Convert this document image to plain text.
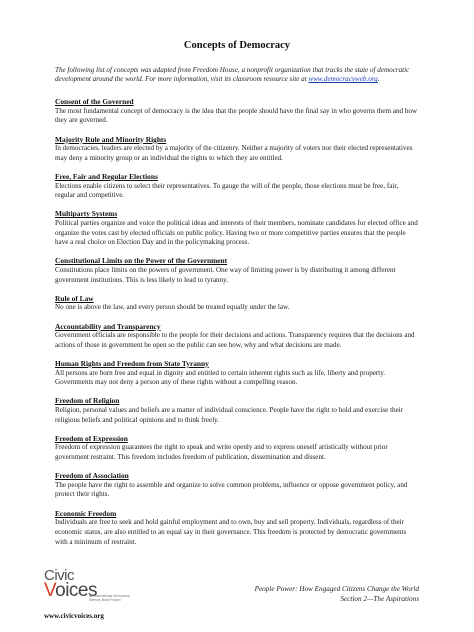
Concepts of Democracy

The following list of concepts was adapted from Freedom House, a nonprofit organization that tracks the state of democratic development around the world. For more information, visit its classroom resource site at www.democracyweb.org.

Consent of the Governed

The most fundamental concept of democracy is the idea that the people should have the final say in who governs them and how they are governed.

Majority Rule and Minority Rights

In democracies, leaders are elected by a majority of the citizenry. Neither a majority of voters nor their elected representatives may deny a minority group or an individual the rights to which they are entitled.

Free, Fair and Regular Elections

Elections enable citizens to select their representatives. To gauge the will of the people, those elections must be free, fair, regular and competitive.

Multiparty Systems

Political parties organize and voice the political ideas and interests of their members, nominate candidates for elected office and organize the votes cast by elected officials on public policy. Having two or more competitive parties ensures that the people have a real choice on Election Day and in the policymaking process.

Constitutional Limits on the Power of the Government

Constitutions place limits on the powers of government. One way of limiting power is by distributing it among different government institutions. This is less likely to lead to tyranny.

Rule of Law

No one is above the law, and every person should be treated equally under the law.

Accountability and Transparency

Government officials are responsible to the people for their decisions and actions. Transparency requires that the decisions and actions of those in government be open so the public can see how, why and what decisions are made.

Human Rights and Freedom from State Tyranny

All persons are born free and equal in dignity and entitled to certain inherent rights such as life, liberty and property. Governments may not deny a person any of these rights without a compelling reason.

Freedom of Religion

Religion, personal values and beliefs are a matter of individual conscience. People have the right to hold and exercise their religious beliefs and political opinions and to think freely.

Freedom of Expression

Freedom of expression guarantees the right to speak and write openly and to express oneself artistically without prior government restraint. This freedom includes freedom of publication, dissemination and dissent.

Freedom of Association

The people have the right to assemble and organize to solve common problems, influence or oppose government policy, and protect their rights.

Economic Freedom

Individuals are free to seek and hold gainful employment and to own, buy and sell property. Individuals, regardless of their economic status, are also entitled to an equal say in their governance. This freedom is protected by democratic governments with a minimum of restraint.

Civic
Voices
An International Democracy Memory Bank Project
www.civicvoices.org
People Power: How Engaged Citizens Change the World
Section 2—The Aspirations
